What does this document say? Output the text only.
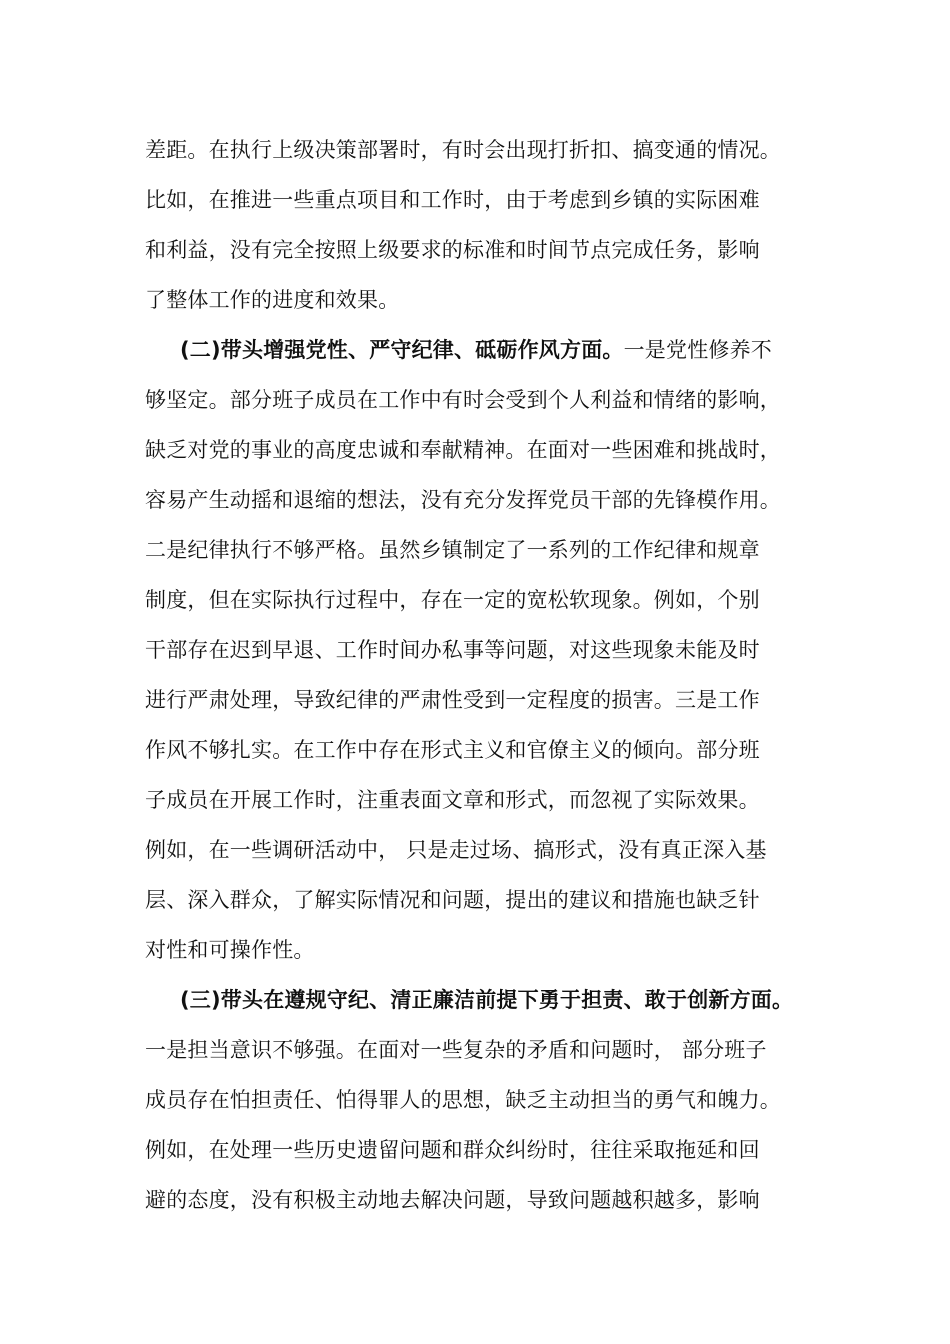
差距。在执行上级决策部署时，有时会出现打折扣、搞变通的情况。
比如，在推进一些重点项目和工作时，由于考虑到乡镇的实际困难
和利益，没有完全按照上级要求的标准和时间节点完成任务，影响
了整体工作的进度和效果。
(二)带头增强党性、严守纪律、砥砺作风方面。一是党性修养不
够坚定。部分班子成员在工作中有时会受到个人利益和情绪的影响，
缺乏对党的事业的高度忠诚和奉献精神。在面对一些困难和挑战时，
容易产生动摇和退缩的想法，没有充分发挥党员干部的先锋模作用。
二是纪律执行不够严格。虽然乡镇制定了一系列的工作纪律和规章
制度，但在实际执行过程中，存在一定的宽松软现象。例如，个别
干部存在迟到早退、工作时间办私事等问题，对这些现象未能及时
进行严肃处理，导致纪律的严肃性受到一定程度的损害。三是工作
作风不够扎实。在工作中存在形式主义和官僚主义的倾向。部分班
子成员在开展工作时，注重表面文章和形式，而忽视了实际效果。
例如，在一些调研活动中， 只是走过场、搞形式，没有真正深入基
层、深入群众，了解实际情况和问题，提出的建议和措施也缺乏针
对性和可操作性。
(三)带头在遵规守纪、清正廉洁前提下勇于担责、敢于创新方面。
一是担当意识不够强。在面对一些复杂的矛盾和问题时， 部分班子
成员存在怕担责任、怕得罪人的思想，缺乏主动担当的勇气和魄力。
例如，在处理一些历史遗留问题和群众纠纷时，往往采取拖延和回
避的态度，没有积极主动地去解决问题，导致问题越积越多，影响
